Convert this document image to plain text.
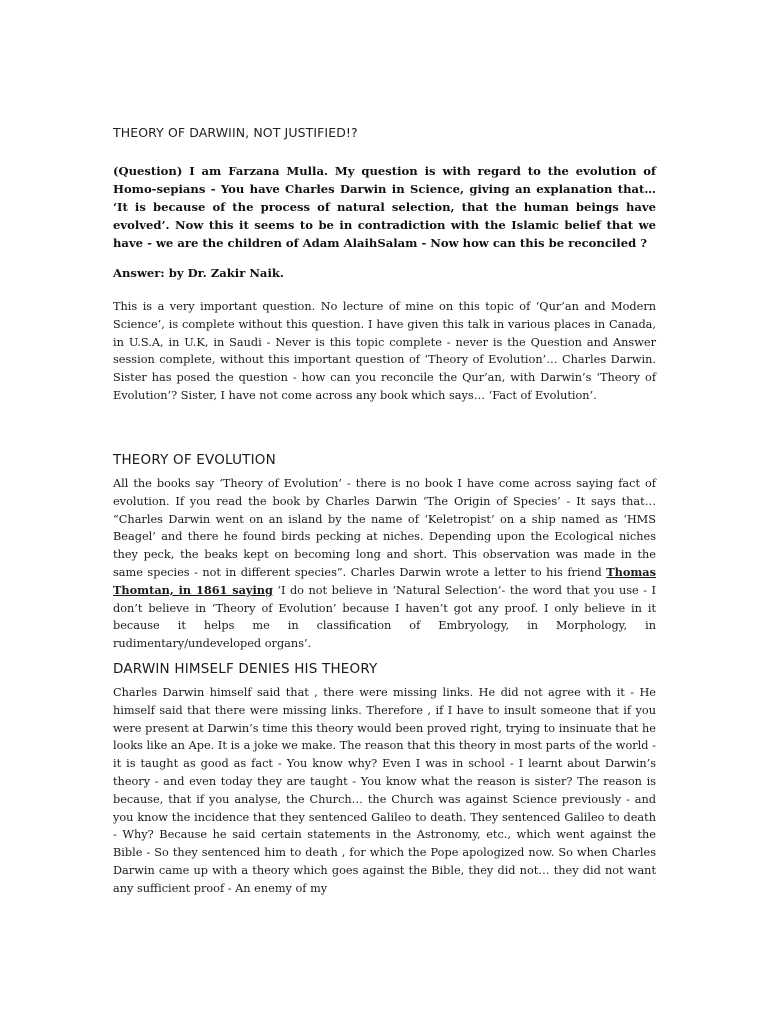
THEORY OF DARWIIN, NOT JUSTIFIED!?
(Question) I am Farzana Mulla. My question is with regard to the evolution of Homo-sepians - You have Charles Darwin in Science, giving an explanation that… ‘It is because of the process of natural selection, that the human beings have evolved’. Now this it seems to be in contradiction with the Islamic belief that we have - we are the children of Adam AlaihSalam - Now how can this be reconciled ?
Answer: by Dr. Zakir Naik.
This is a very important question. No lecture of mine on this topic of ‘Qur’an and Modern Science’, is complete without this question. I have given this talk in various places in Canada, in U.S.A, in U.K, in Saudi - Never is this topic complete - never is the Question and Answer session complete, without this important question of ‘Theory of Evolution’… Charles Darwin. Sister has posed the question - how can you reconcile the Qur’an, with Darwin’s ‘Theory of Evolution’? Sister, I have not come across any book which says… ‘Fact of Evolution’.
THEORY OF EVOLUTION
All the books say ‘Theory of Evolution’ - there is no book I have come across saying fact of evolution. If you read the book by Charles Darwin ‘The Origin of Species’ - It says that… “Charles Darwin went on an island by the name of ‘Keletropist’ on a ship named as ‘HMS Beagel’ and there he found birds pecking at niches. Depending upon the Ecological niches they peck, the beaks kept on becoming long and short. This observation was made in the same species - not in different species”. Charles Darwin wrote a letter to his friend Thomas Thomtan, in 1861 saying ‘I do not believe in ‘Natural Selection’- the word that you use - I don’t believe in ‘Theory of Evolution’ because I haven’t got any proof. I only believe in it because it helps me in classification of Embryology, in Morphology, in rudimentary/undeveloped organs’.
DARWIN HIMSELF DENIES HIS THEORY
Charles Darwin himself said that , there were missing links. He did not agree with it - He himself said that there were missing links. Therefore , if I have to insult someone that if you were present at Darwin’s time this theory would been proved right, trying to insinuate that he looks like an Ape. It is a joke we make. The reason that this theory in most parts of the world - it is taught as good as fact - You know why? Even I was in school - I learnt about Darwin’s theory - and even today they are taught - You know what the reason is sister? The reason is because, that if you analyse, the Church… the Church was against Science previously - and you know the incidence that they sentenced Galileo to death. They sentenced Galileo to death - Why? Because he said certain statements in the Astronomy, etc., which went against the Bible - So they sentenced him to death , for which the Pope apologized now. So when Charles Darwin came up with a theory which goes against the Bible, they did not… they did not want any sufficient proof - An enemy of my
